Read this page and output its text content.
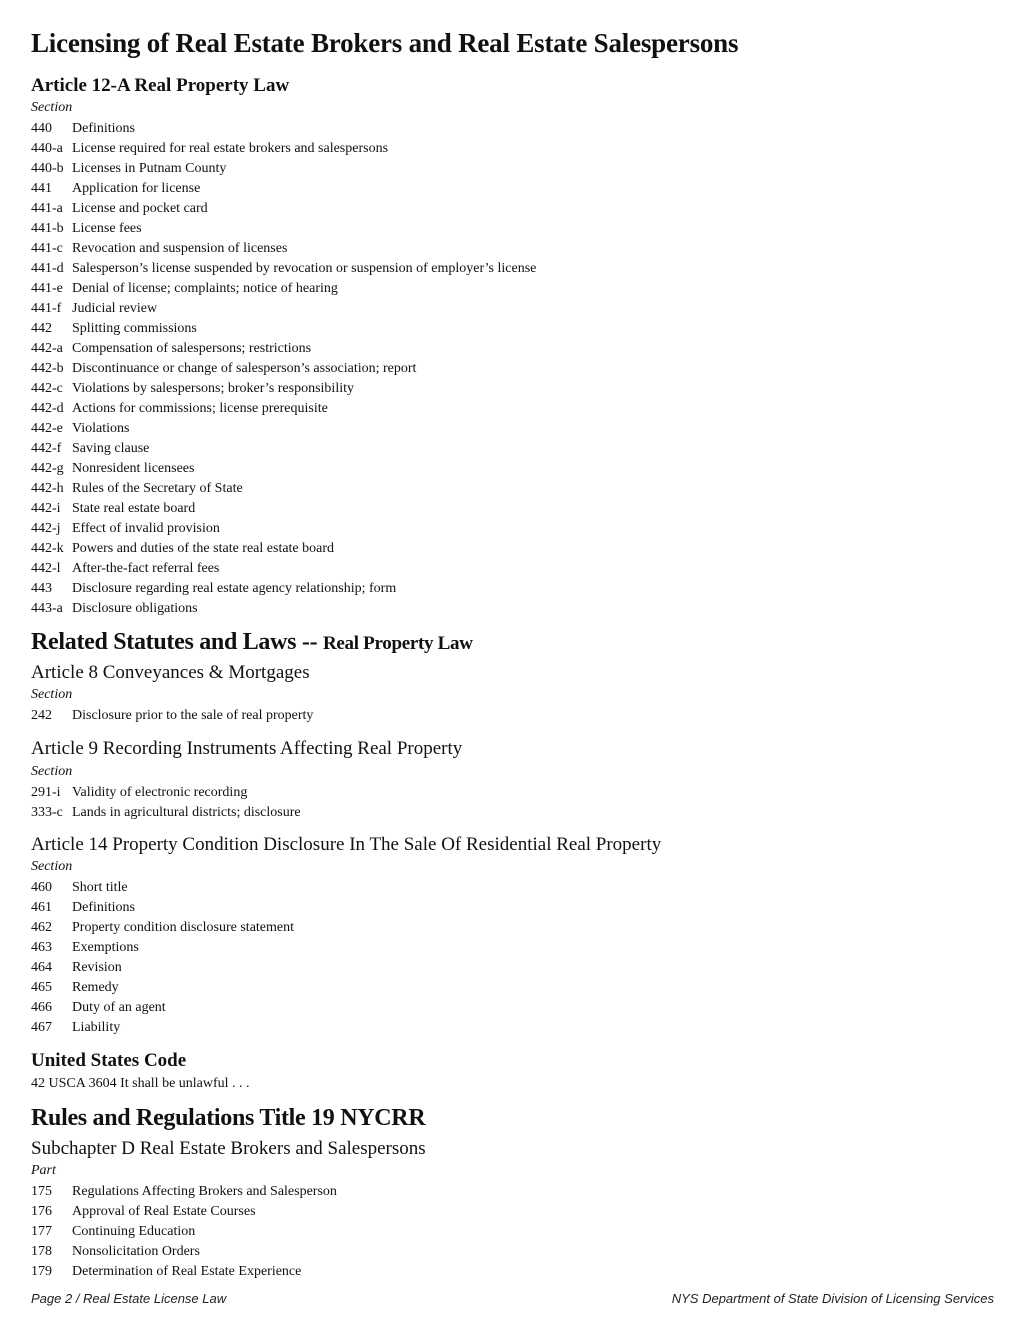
Licensing of Real Estate Brokers and Real Estate Salespersons
Article 12-A Real Property Law

Section

440 Definitions
440-a License required for real estate brokers and salespersons
440-b Licenses in Putnam County
441 Application for license
441-a License and pocket card
441-b License fees
441-c Revocation and suspension of licenses
441-d Salesperson’s license suspended by revocation or suspension of employer’s license
441-e Denial of license; complaints; notice of hearing
441-f Judicial review
442 Splitting commissions
442-a Compensation of salespersons; restrictions
442-b Discontinuance or change of salesperson’s association; report
442-c Violations by salespersons; broker’s responsibility
442-d Actions for commissions; license prerequisite
442-e Violations
442-f Saving clause
442-g Nonresident licensees
442-h Rules of the Secretary of State
442-i State real estate board
442-j Effect of invalid provision
442-k Powers and duties of the state real estate board
442-l After-the-fact referral fees
443 Disclosure regarding real estate agency relationship; form
443-a Disclosure obligations
Related Statutes and Laws -- Real Property Law
Article 8 Conveyances & Mortgages

Section

242 Disclosure prior to the sale of real property
Article 9 Recording Instruments Affecting Real Property

Section

291-i Validity of electronic recording
333-c Lands in agricultural districts; disclosure
Article 14 Property Condition Disclosure In The Sale Of Residential Real Property

Section

460 Short title
461 Definitions
462 Property condition disclosure statement
463 Exemptions
464 Revision
465 Remedy
466 Duty of an agent
467 Liability
United States Code

42 USCA 3604 It shall be unlawful . . .

Rules and Regulations Title 19 NYCRR
Subchapter D Real Estate Brokers and Salespersons

Part

175 Regulations Affecting Brokers and Salesperson
176 Approval of Real Estate Courses
177 Continuing Education
178 Nonsolicitation Orders
179 Determination of Real Estate Experience
Page 2 / Real Estate License Law	NYS Department of State Division of Licensing Services
